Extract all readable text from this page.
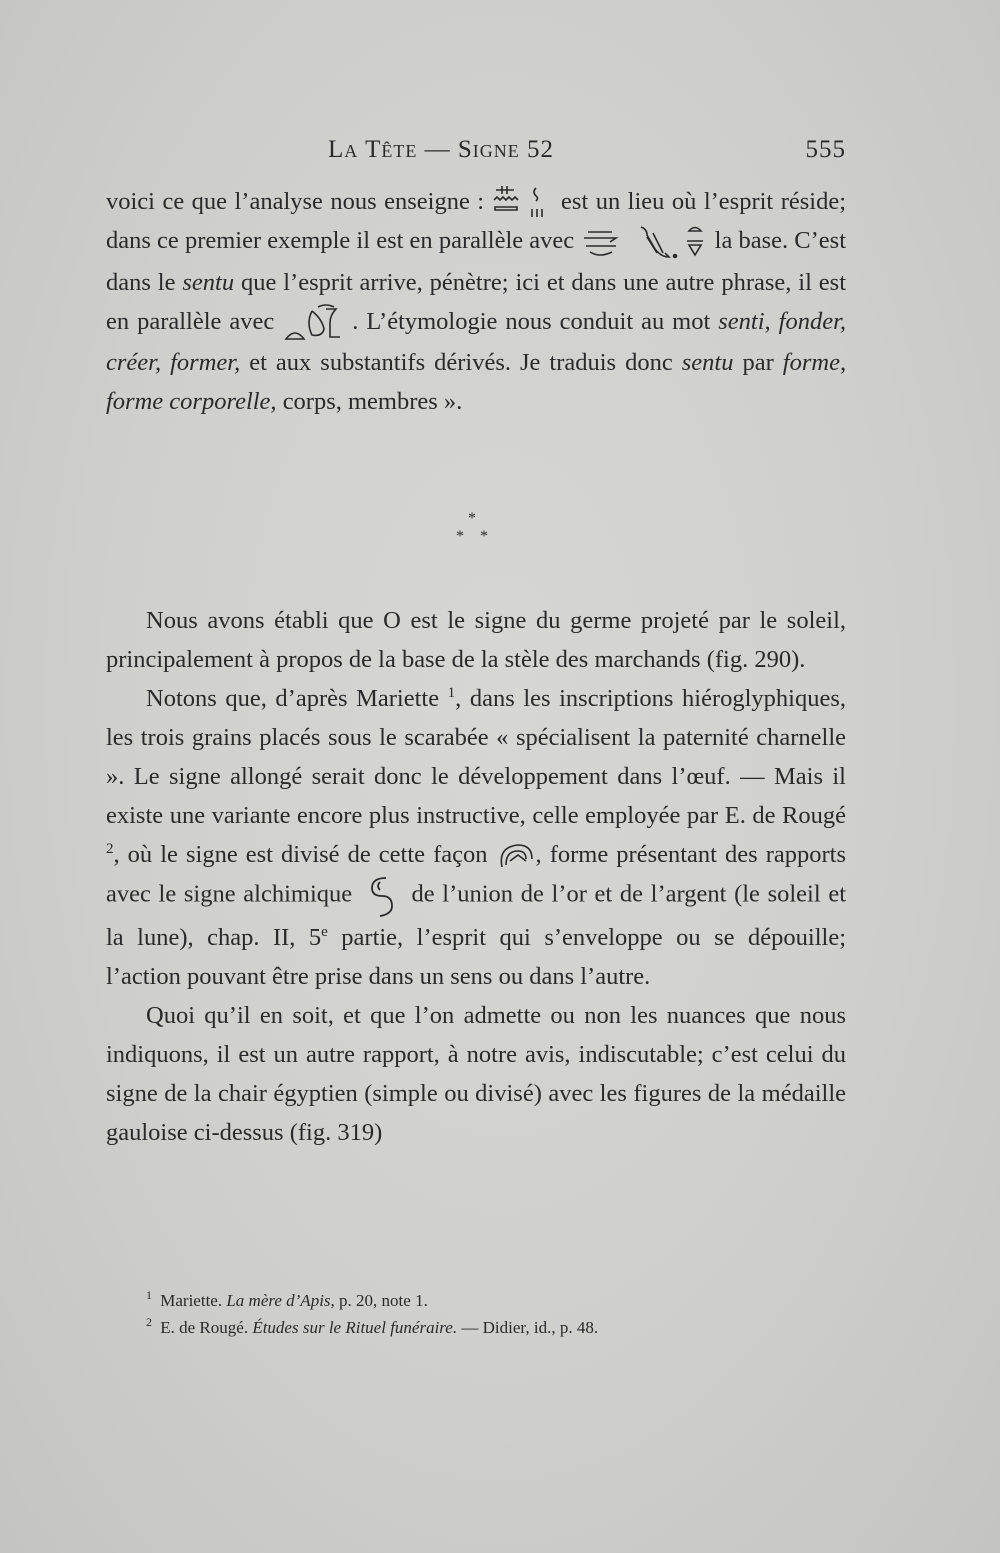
La Tête — Signe 52	555

voici ce que l’analyse nous enseigne :	est un lieu où l’esprit réside; dans ce premier exemple il est en parallèle avec
	la base. C’est dans le sentu que l’esprit arrive, pénètre; ici et dans une autre phrase, il est en parallèle avec	. L’étymologie nous conduit au mot senti, fonder, créer, former, et aux substantifs dérivés. Je traduis donc sentu par forme, forme corporelle, corps, membres ».

*
* *

Nous avons établi que O est le signe du germe projeté par le soleil, principalement à propos de la base de la stèle des marchands (fig. 290).

Notons que, d’après Mariette $^1$, dans les inscriptions hiéroglyphiques, les trois grains placés sous le scarabée « spécialisent la paternité charnelle ». Le signe allongé serait donc le développement dans l’œuf. — Mais il existe une variante encore plus instructive, celle employée par E. de Rougé $^2$, où le signe est divisé de cette façon , forme présentant des rapports avec le signe alchimique de l’union de l’or et de l’argent (le soleil et la lune), chap. II, 5e partie, l’esprit qui s’enveloppe ou se dépouille; l’action pouvant être prise dans un sens ou dans l’autre.

Quoi qu’il en soit, et que l’on admette ou non les nuances que nous indiquons, il est un autre rapport, à notre avis, indiscutable; c’est celui du signe de la chair égyptien (simple ou divisé) avec les figures de la médaille gauloise ci-dessus (fig. 319)

$^1$ Mariette. La mère d’Apis, p. 20, note 1.

$^2$ E. de Rougé. Études sur le Rituel funéraire. — Didier, id., p. 48.
